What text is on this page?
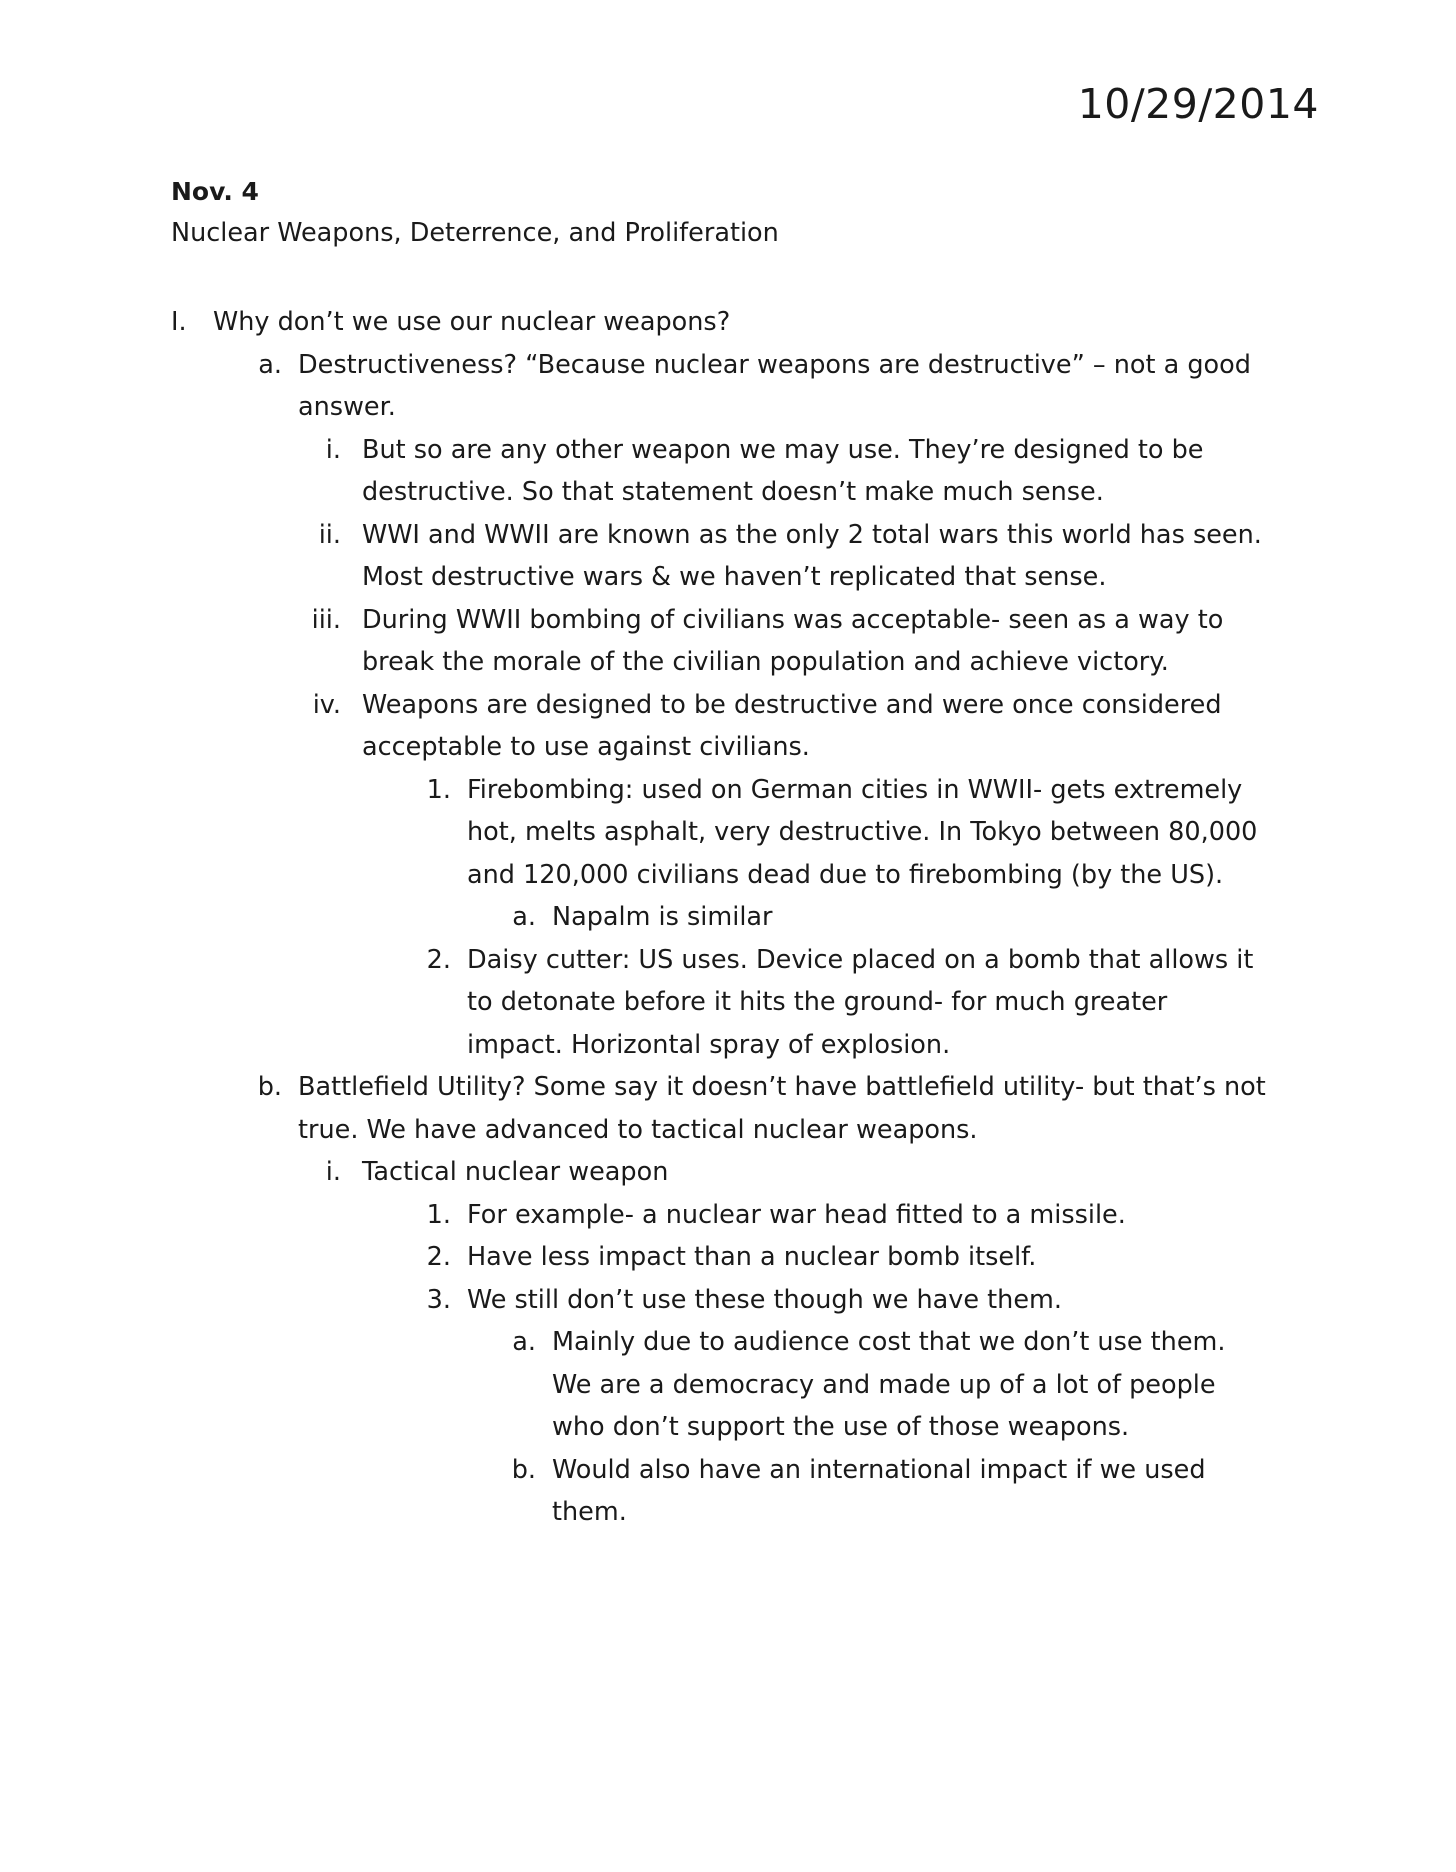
10/29/2014
Nov. 4
Nuclear Weapons, Deterrence, and Proliferation
I.	Why don’t we use our nuclear weapons?
a. Destructiveness? “Because nuclear weapons are destructive” – not a good answer.
i. But so are any other weapon we may use. They’re designed to be destructive. So that statement doesn’t make much sense.
ii. WWI and WWII are known as the only 2 total wars this world has seen. Most destructive wars & we haven’t replicated that sense.
iii. During WWII bombing of civilians was acceptable- seen as a way to break the morale of the civilian population and achieve victory.
iv. Weapons are designed to be destructive and were once considered acceptable to use against civilians.
1. Firebombing: used on German cities in WWII- gets extremely hot, melts asphalt, very destructive. In Tokyo between 80,000 and 120,000 civilians dead due to firebombing (by the US).
a. Napalm is similar
2. Daisy cutter: US uses. Device placed on a bomb that allows it to detonate before it hits the ground- for much greater impact. Horizontal spray of explosion.
b. Battlefield Utility? Some say it doesn’t have battlefield utility- but that’s not true. We have advanced to tactical nuclear weapons.
i. Tactical nuclear weapon
1. For example- a nuclear war head fitted to a missile.
2. Have less impact than a nuclear bomb itself.
3. We still don’t use these though we have them.
a. Mainly due to audience cost that we don’t use them. We are a democracy and made up of a lot of people who don’t support the use of those weapons.
b. Would also have an international impact if we used them.
